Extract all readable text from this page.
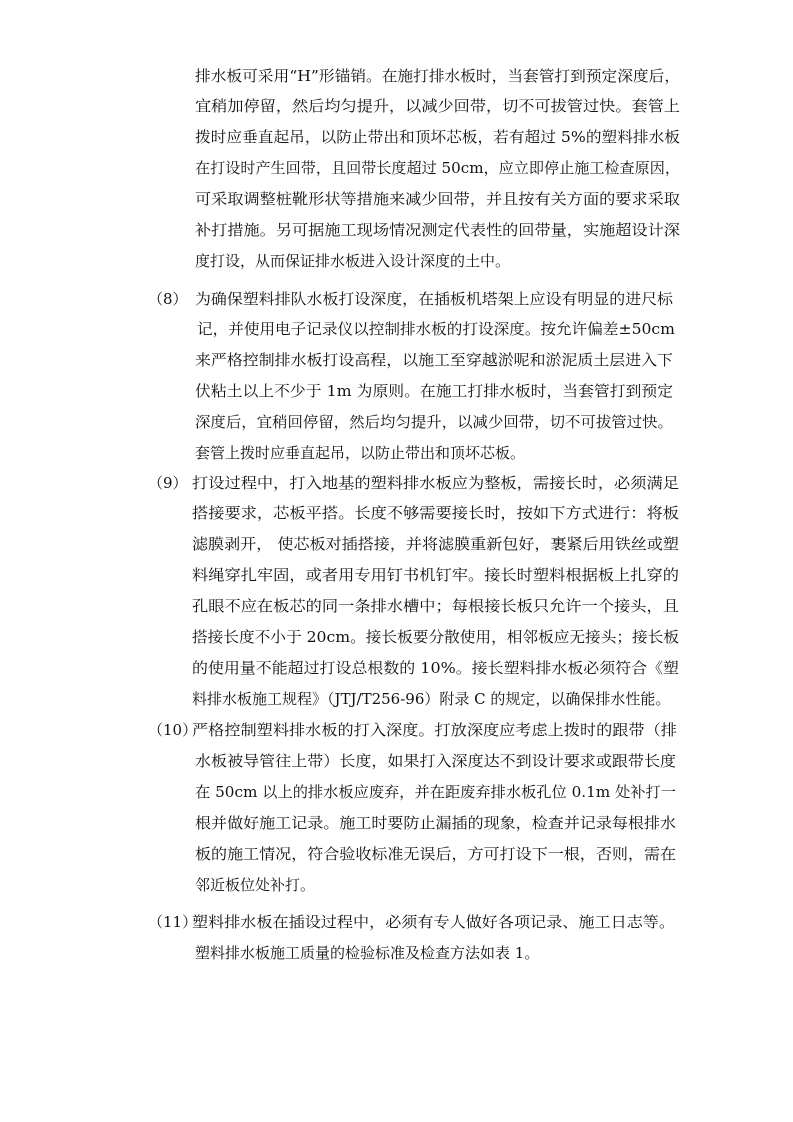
排水板可采用“H”形锚销。在施打排水板时，当套管打到预定深度后，
宜稍加停留，然后均匀提升，以减少回带，切不可拔管过快。套管上
拨时应垂直起吊，以防止带出和顶坏芯板，若有超过 5%的塑料排水板
在打设时产生回带，且回带长度超过 50cm，应立即停止施工检查原因，
可采取调整桩靴形状等措施来减少回带，并且按有关方面的要求采取
补打措施。另可据施工现场情况测定代表性的回带量，实施超设计深
度打设，从而保证排水板进入设计深度的土中。
（8） 为确保塑料排队水板打设深度，在插板机塔架上应设有明显的进尺标
记，并使用电子记录仪以控制排水板的打设深度。按允许偏差±50cm
来严格控制排水板打设高程，以施工至穿越淤呢和淤泥质土层进入下
伏粘土以上不少于 1m 为原则。在施工打排水板时，当套管打到预定
深度后，宜稍回停留，然后均匀提升，以减少回带，切不可拔管过快。
套管上拨时应垂直起吊，以防止带出和顶坏芯板。
（9） 打设过程中，打入地基的塑料排水板应为整板，需接长时，必须满足
搭接要求，芯板平搭。长度不够需要接长时，按如下方式进行：将板
滤膜剥开， 使芯板对插搭接，并将滤膜重新包好，裹紧后用铁丝或塑
料绳穿扎牢固，或者用专用钉书机钉牢。接长时塑料根据板上扎穿的
孔眼不应在板芯的同一条排水槽中；每根接长板只允许一个接头，且
搭接长度不小于 20cm。接长板要分散使用，相邻板应无接头；接长板
的使用量不能超过打设总根数的 10%。接长塑料排水板必须符合《塑
料排水板施工规程》（JTJ/T256-96）附录 C 的规定，以确保排水性能。
（10）
严格控制塑料排水板的打入深度。打放深度应考虑上拨时的跟带（排
水板被导管往上带）长度，如果打入深度达不到设计要求或跟带长度
在 50cm 以上的排水板应废弃，并在距废弃排水板孔位 0.1m 处补打一
根并做好施工记录。施工时要防止漏插的现象，检查并记录每根排水
板的施工情况，符合验收标准无误后，方可打设下一根，否则，需在
邻近板位处补打。
（11）
塑料排水板在插设过程中，必须有专人做好各项记录、施工日志等。
塑料排水板施工质量的检验标准及检查方法如表 1。
